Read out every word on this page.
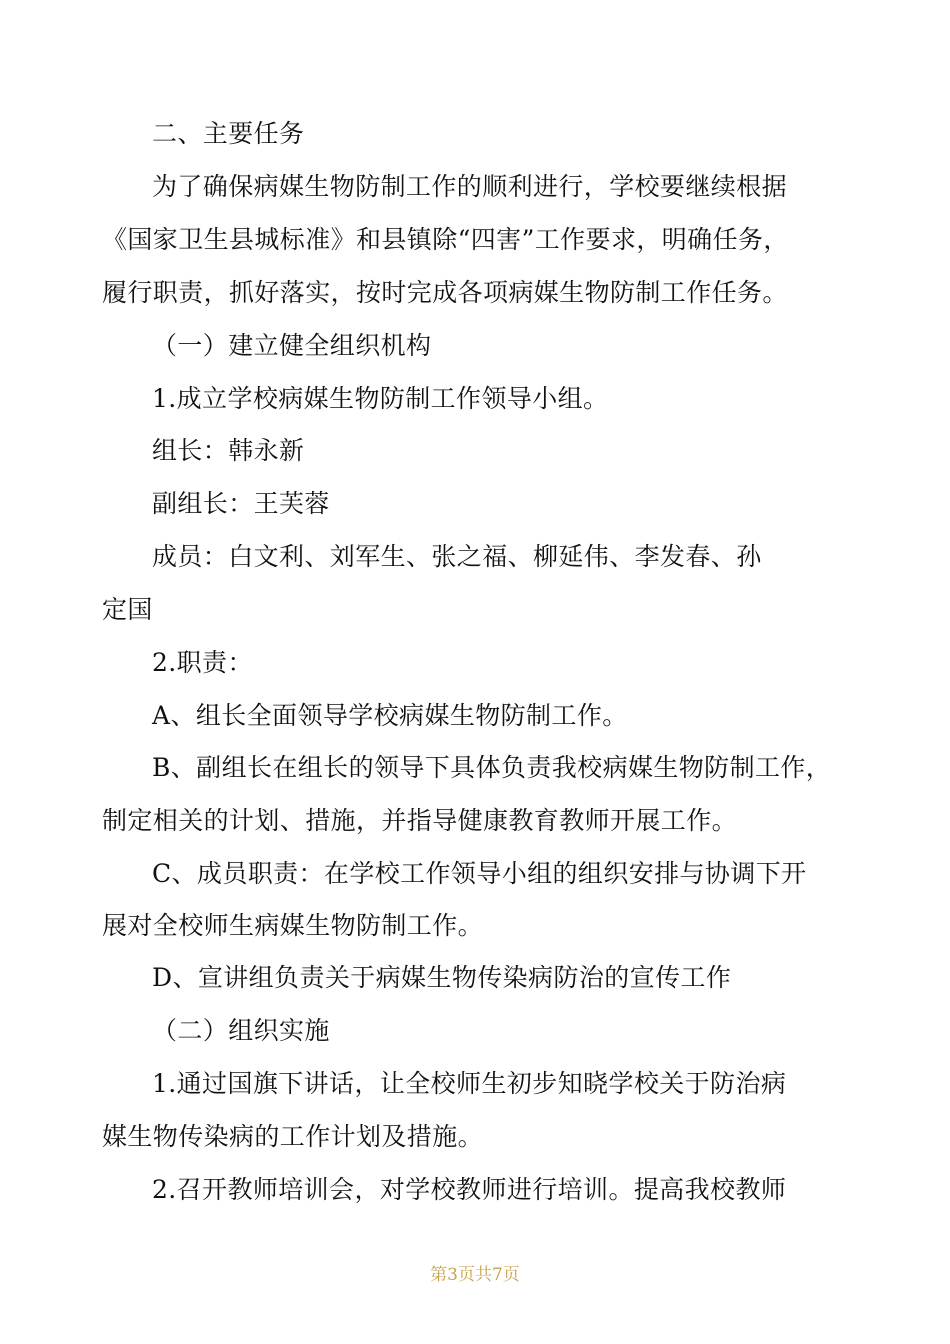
二、主要任务
为了确保病媒生物防制工作的顺利进行，学校要继续根据
《国家卫生县城标准》和县镇除“四害”工作要求，明确任务，
履行职责，抓好落实，按时完成各项病媒生物防制工作任务。
（一）建立健全组织机构
1.成立学校病媒生物防制工作领导小组。
组长：韩永新
副组长：王芙蓉
成员：白文利、刘军生、张之福、柳延伟、李发春、孙
定国
2.职责：
A、组长全面领导学校病媒生物防制工作。
B、副组长在组长的领导下具体负责我校病媒生物防制工作，
制定相关的计划、措施，并指导健康教育教师开展工作。
C、成员职责：在学校工作领导小组的组织安排与协调下开
展对全校师生病媒生物防制工作。
D、宣讲组负责关于病媒生物传染病防治的宣传工作
（二）组织实施
1.通过国旗下讲话，让全校师生初步知晓学校关于防治病
媒生物传染病的工作计划及措施。
2.召开教师培训会，对学校教师进行培训。提高我校教师
第3页共7页
